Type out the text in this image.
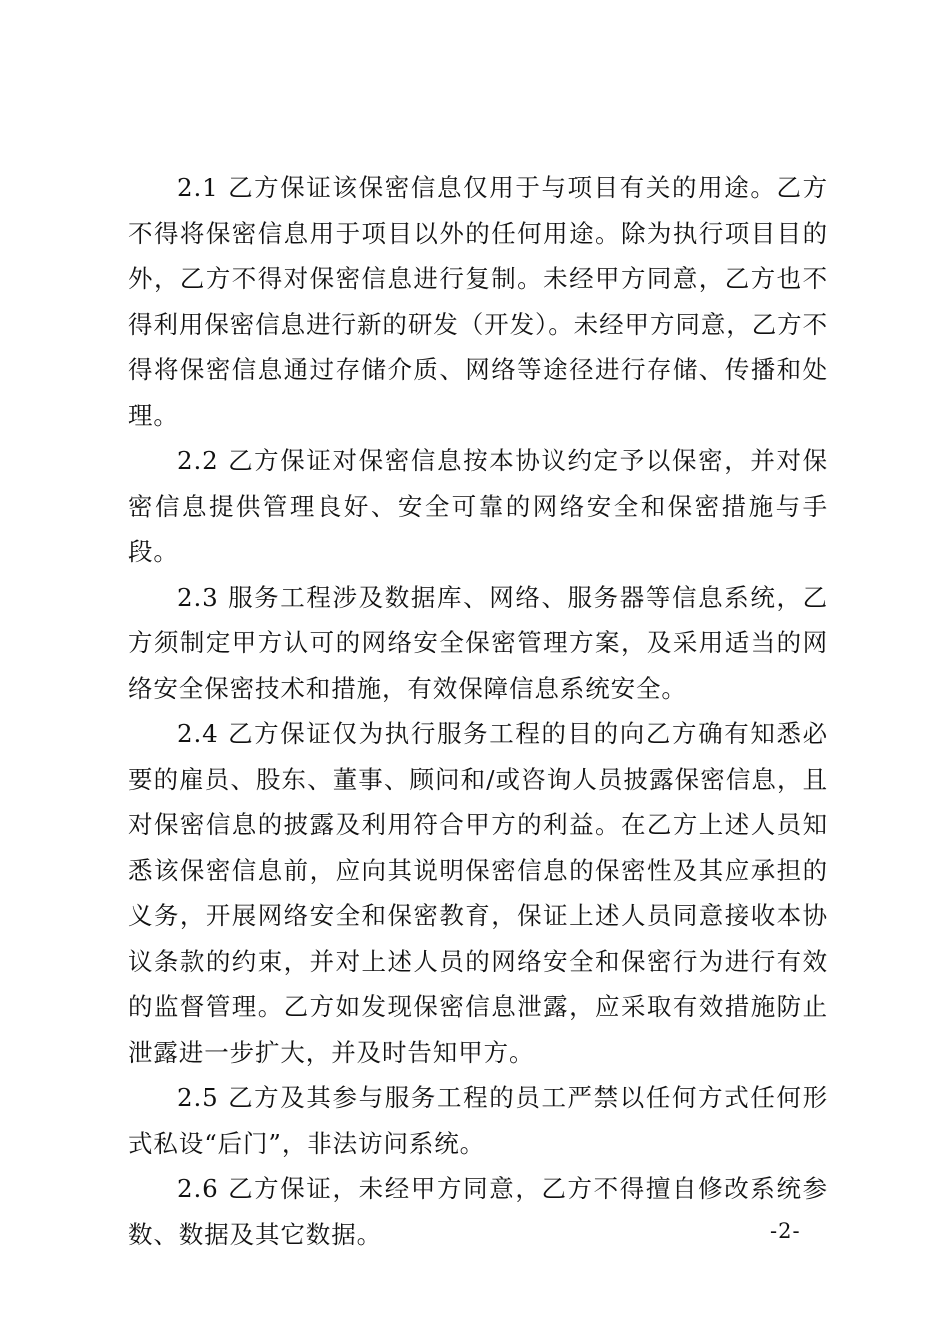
2.1 乙方保证该保密信息仅用于与项目有关的用途。乙方不得将保密信息用于项目以外的任何用途。除为执行项目目的外，乙方不得对保密信息进行复制。未经甲方同意，乙方也不得利用保密信息进行新的研发（开发）。未经甲方同意，乙方不得将保密信息通过存储介质、网络等途径进行存储、传播和处理。

2.2 乙方保证对保密信息按本协议约定予以保密，并对保密信息提供管理良好、安全可靠的网络安全和保密措施与手段。

2.3 服务工程涉及数据库、网络、服务器等信息系统，乙方须制定甲方认可的网络安全保密管理方案，及采用适当的网络安全保密技术和措施，有效保障信息系统安全。

2.4 乙方保证仅为执行服务工程的目的向乙方确有知悉必要的雇员、股东、董事、顾问和/或咨询人员披露保密信息，且对保密信息的披露及利用符合甲方的利益。在乙方上述人员知悉该保密信息前，应向其说明保密信息的保密性及其应承担的义务，开展网络安全和保密教育，保证上述人员同意接收本协议条款的约束，并对上述人员的网络安全和保密行为进行有效的监督管理。乙方如发现保密信息泄露，应采取有效措施防止泄露进一步扩大，并及时告知甲方。

2.5 乙方及其参与服务工程的员工严禁以任何方式任何形式私设“后门”，非法访问系统。

2.6 乙方保证，未经甲方同意，乙方不得擅自修改系统参数、数据及其它数据。	-2-
